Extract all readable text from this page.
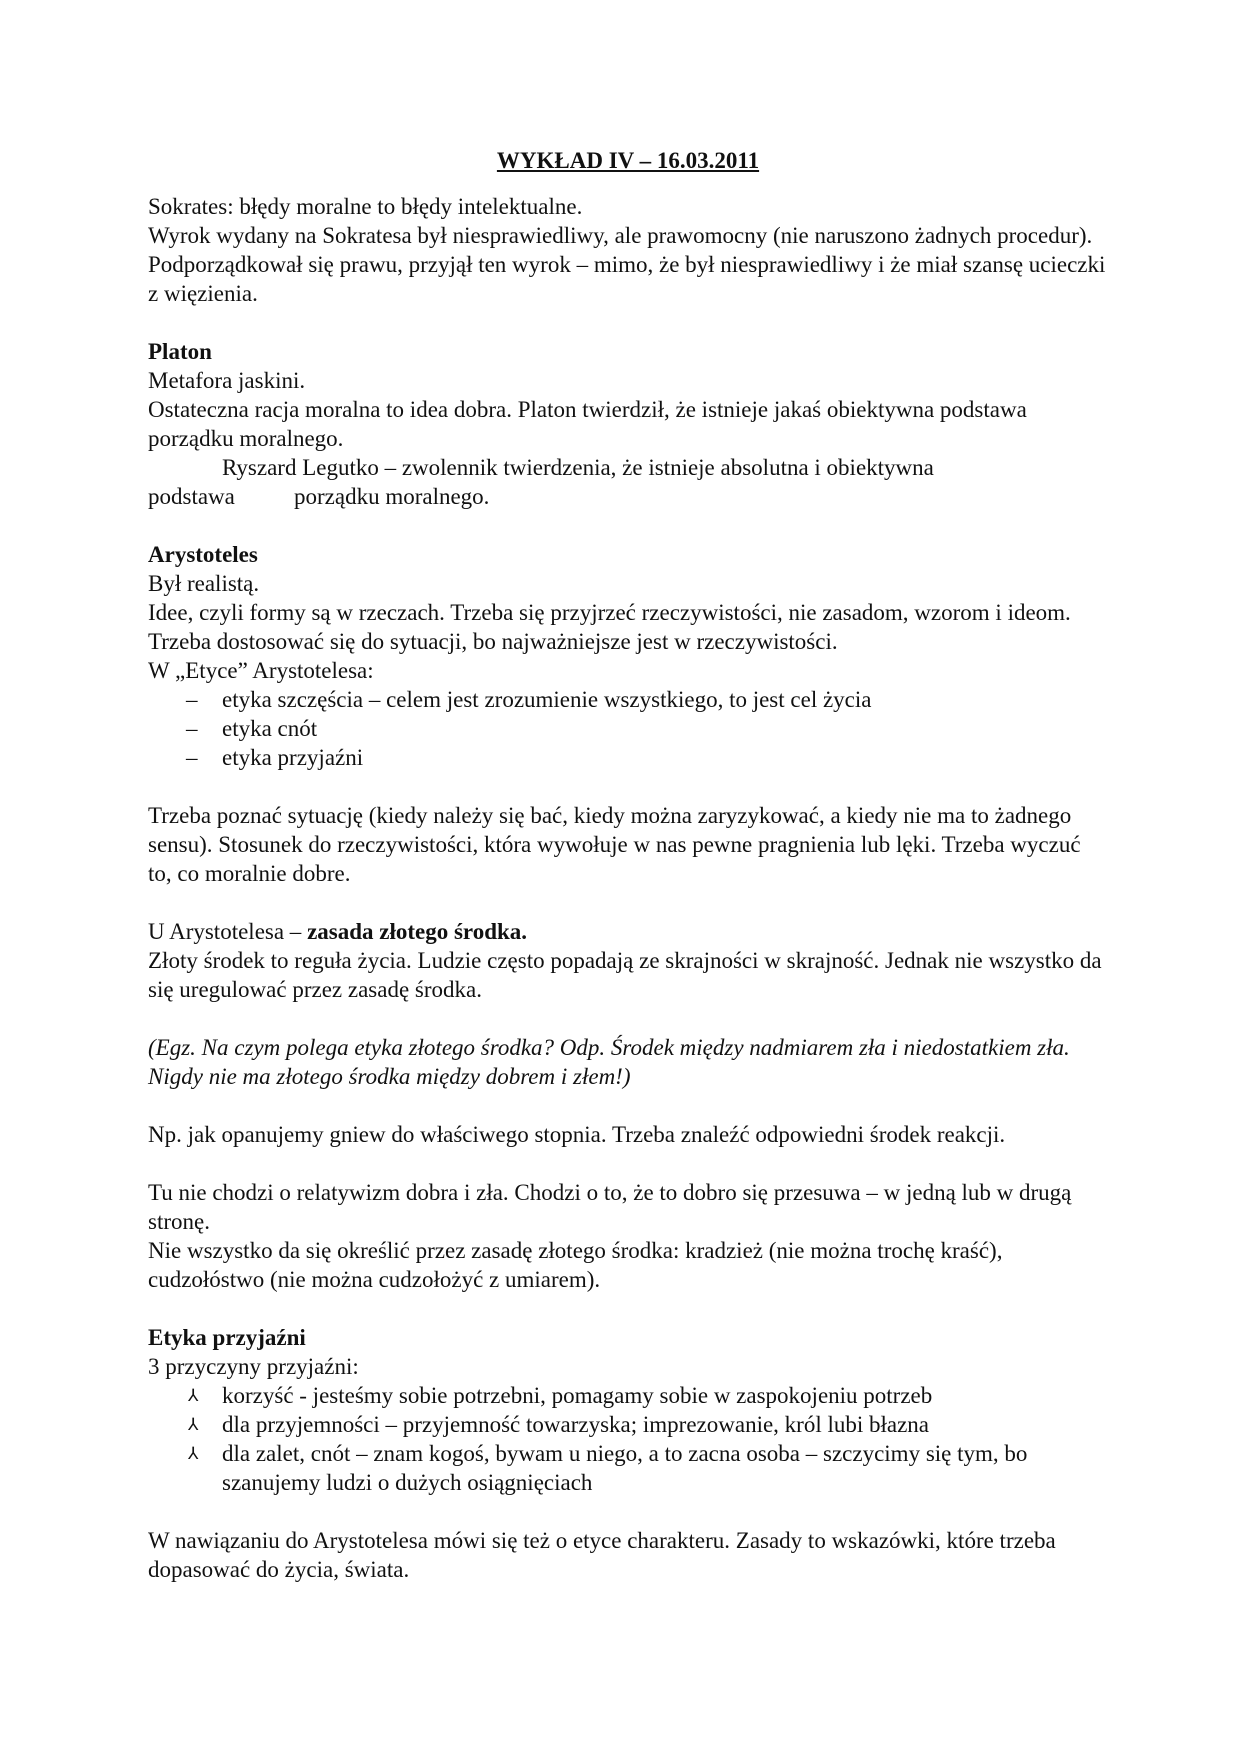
WYKŁAD IV – 16.03.2011

Sokrates: błędy moralne to błędy intelektualne.

Wyrok wydany na Sokratesa był niesprawiedliwy, ale prawomocny (nie naruszono żadnych procedur). Podporządkował się prawu, przyjął ten wyrok – mimo, że był niesprawiedliwy i że miał szansę ucieczki z więzienia.

Platon

Metafora jaskini.

Ostateczna racja moralna to idea dobra. Platon twierdził, że istnieje jakaś obiektywna podstawa porządku moralnego.

Ryszard Legutko – zwolennik twierdzenia, że istnieje absolutna i obiektywna

podstawa	porządku moralnego.

Arystoteles

Był realistą.

Idee, czyli formy są w rzeczach. Trzeba się przyjrzeć rzeczywistości, nie zasadom, wzorom i ideom. Trzeba dostosować się do sytuacji, bo najważniejsze jest w rzeczywistości.

W „Etyce” Arystotelesa:

– etyka szczęścia – celem jest zrozumienie wszystkiego, to jest cel życia
– etyka cnót
– etyka przyjaźni

Trzeba poznać sytuację (kiedy należy się bać, kiedy można zaryzykować, a kiedy nie ma to żadnego sensu). Stosunek do rzeczywistości, która wywołuje w nas pewne pragnienia lub lęki. Trzeba wyczuć to, co moralnie dobre.

U Arystotelesa – zasada złotego środka.

Złoty środek to reguła życia. Ludzie często popadają ze skrajności w skrajność. Jednak nie wszystko da się uregulować przez zasadę środka.

(Egz. Na czym polega etyka złotego środka? Odp. Środek między nadmiarem zła i niedostatkiem zła. Nigdy nie ma złotego środka między dobrem i złem!)

Np. jak opanujemy gniew do właściwego stopnia. Trzeba znaleźć odpowiedni środek reakcji.

Tu nie chodzi o relatywizm dobra i zła. Chodzi o to, że to dobro się przesuwa – w jedną lub w drugą stronę.

Nie wszystko da się określić przez zasadę złotego środka: kradzież (nie można trochę kraść), cudzołóstwo (nie można cudzołożyć z umiarem).

Etyka przyjaźni

3 przyczyny przyjaźni:

⅄ korzyść - jesteśmy sobie potrzebni, pomagamy sobie w zaspokojeniu potrzeb
⅄ dla przyjemności – przyjemność towarzyska; imprezowanie, król lubi błazna
⅄ dla zalet, cnót – znam kogoś, bywam u niego, a to zacna osoba – szczycimy się tym, bo szanujemy ludzi o dużych osiągnięciach

W nawiązaniu do Arystotelesa mówi się też o etyce charakteru. Zasady to wskazówki, które trzeba dopasować do życia, świata.
